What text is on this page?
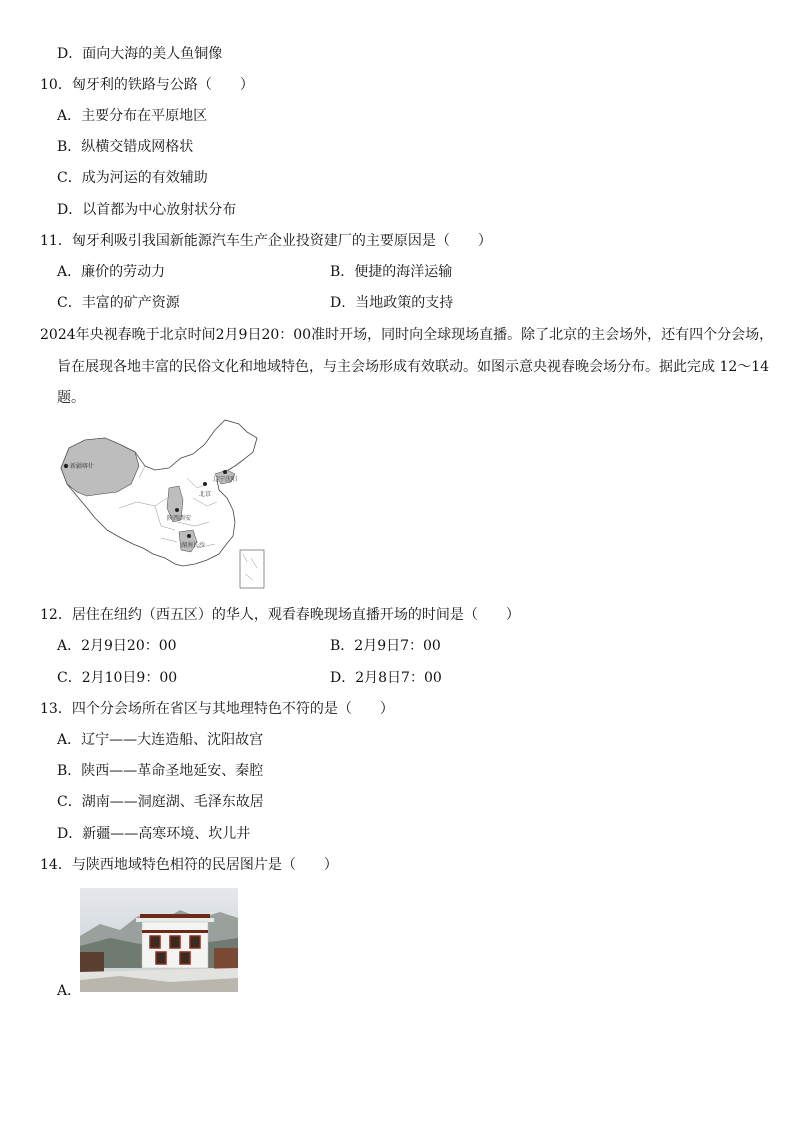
D．面向大海的美人鱼铜像
10．匈牙利的铁路与公路（　　）
A．主要分布在平原地区
B．纵横交错成网格状
C．成为河运的有效辅助
D．以首都为中心放射状分布
11．匈牙利吸引我国新能源汽车生产企业投资建厂的主要原因是（　　）
A．廉价的劳动力	B．便捷的海洋运输
C．丰富的矿产资源	D．当地政策的支持
2024年央视春晚于北京时间2月9日20：00准时开场，同时向全球现场直播。除了北京的主会场外，还有四个分会场，
旨在展现各地丰富的民俗文化和地域特色，与主会场形成有效联动。如图示意央视春晚会场分布。据此完成 12～14
题。
新疆喀什
北京
辽宁沈阳
陕西西安
湖南长沙
12．居住在纽约（西五区）的华人，观看春晚现场直播开场的时间是（　　）
A．2月9日20：00	B．2月9日7：00
C．2月10日9：00	D．2月8日7：00
13．四个分会场所在省区与其地理特色不符的是（　　）
A．辽宁——大连造船、沈阳故宫
B．陕西——革命圣地延安、秦腔
C．湖南——洞庭湖、毛泽东故居
D．新疆——高寒环境、坎儿井
14．与陕西地域特色相符的民居图片是（　　）
A．
